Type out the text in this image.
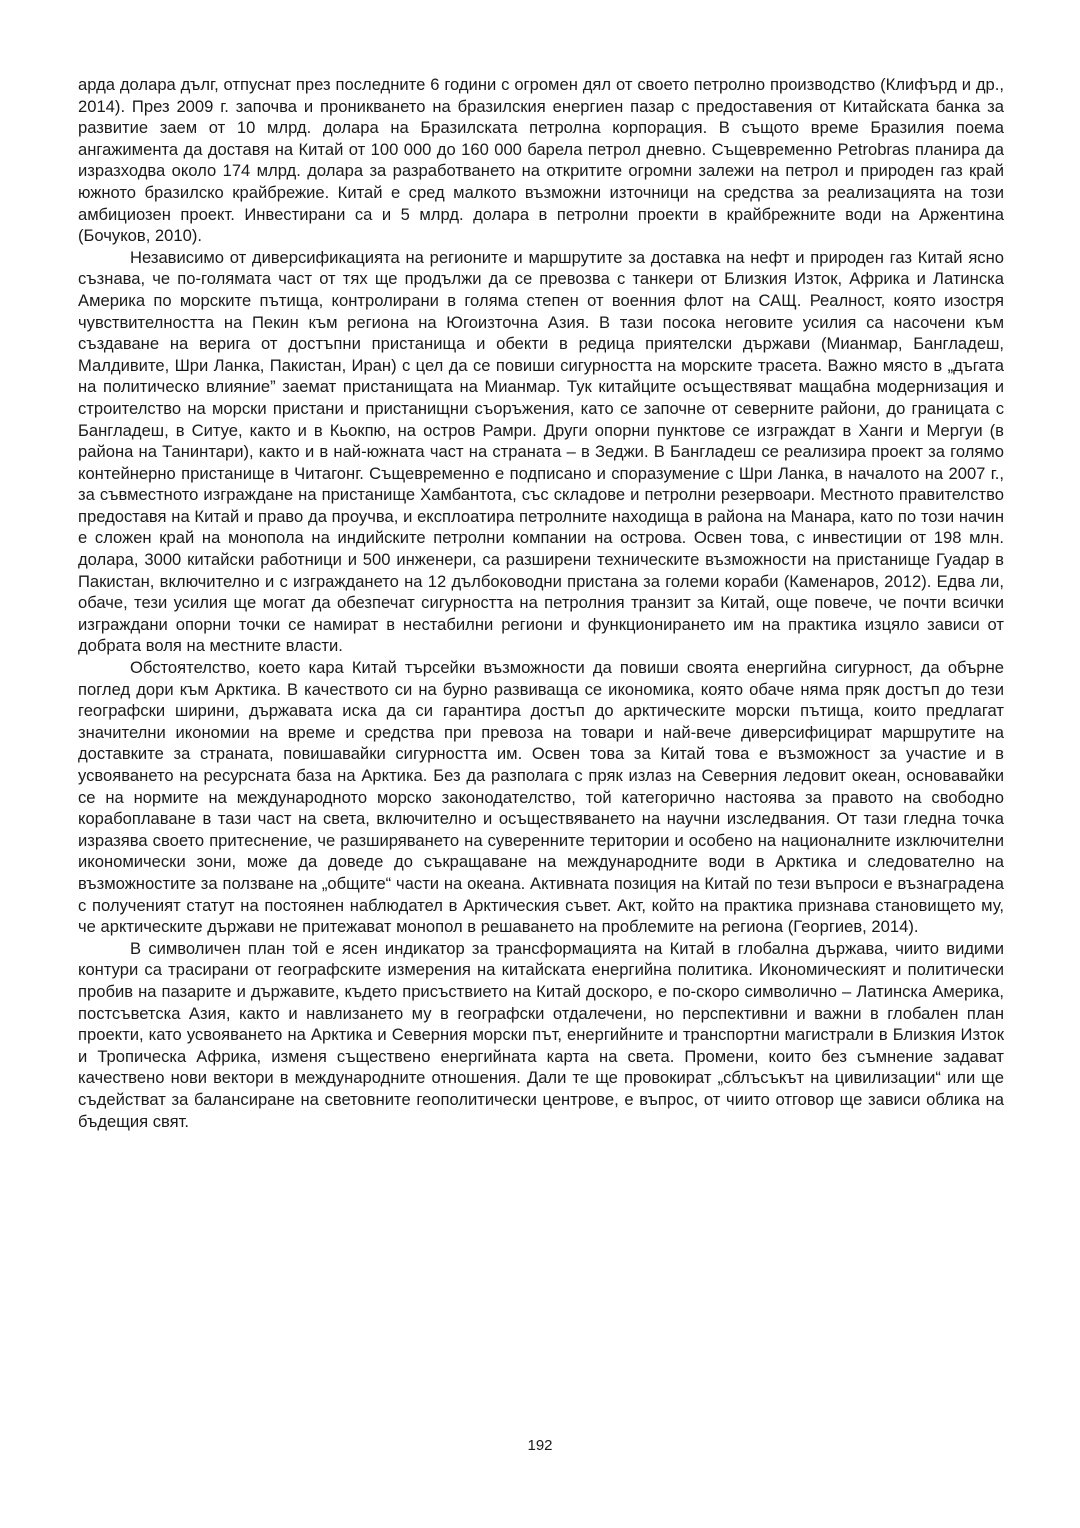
арда долара дълг, отпуснат през последните 6 години с огромен дял от своето петролно производство (Клифърд и др., 2014). През 2009 г. започва и проникването на бразилския енергиен пазар с предоставения от Китайската банка за развитие заем от 10 млрд. долара на Бразилската петролна корпорация. В същото време Бразилия поема ангажимента да доставя на Китай от 100 000 до 160 000 барела петрол дневно. Същевременно Petrobras планира да изразходва около 174 млрд. долара за разработването на откритите огромни залежи на петрол и природен газ край южното бразилско крайбрежие. Китай е сред малкото възможни източници на средства за реализацията на този амбициозен проект. Инвестирани са и 5 млрд. долара в петролни проекти в крайбрежните води на Аржентина (Бочуков, 2010).

Независимо от диверсификацията на регионите и маршрутите за доставка на нефт и природен газ Китай ясно съзнава, че по-голямата част от тях ще продължи да се превозва с танкери от Близкия Изток, Африка и Латинска Америка по морските пътища, контролирани в голяма степен от военния флот на САЩ. Реалност, която изостря чувствителността на Пекин към региона на Югоизточна Азия. В тази посока неговите усилия са насочени към създаване на верига от достъпни пристанища и обекти в редица приятелски държави (Мианмар, Бангладеш, Малдивите, Шри Ланка, Пакистан, Иран) с цел да се повиши сигурността на морските трасета. Важно място в „дъгата на политическо влияние” заемат пристанищата на Мианмар. Тук китайците осъществяват мащабна модернизация и строителство на морски пристани и пристанищни съоръжения, като се започне от северните райони, до границата с Бангладеш, в Ситуе, както и в Кьокпю, на остров Рамри. Други опорни пунктове се изграждат в Ханги и Мергуи (в района на Танинтари), както и в най-южната част на страната – в Зеджи. В Бангладеш се реализира проект за голямо контейнерно пристанище в Читагонг. Същевременно е подписано и споразумение с Шри Ланка, в началото на 2007 г., за съвместното изграждане на пристанище Хамбантота, със складове и петролни резервоари. Местното правителство предоставя на Китай и право да проучва, и експлоатира петролните находища в района на Манара, като по този начин е сложен край на монопола на индийските петролни компании на острова. Освен това, с инвестиции от 198 млн. долара, 3000 китайски работници и 500 инженери, са разширени техническите възможности на пристанище Гуадар в Пакистан, включително и с изграждането на 12 дълбоководни пристана за големи кораби (Каменаров, 2012). Едва ли, обаче, тези усилия ще могат да обезпечат сигурността на петролния транзит за Китай, още повече, че почти всички изграждани опорни точки се намират в нестабилни региони и функционирането им на практика изцяло зависи от добрата воля на местните власти.

Обстоятелство, което кара Китай търсейки възможности да повиши своята енергийна сигурност, да обърне поглед дори към Арктика. В качеството си на бурно развиваща се икономика, която обаче няма пряк достъп до тези географски ширини, държавата иска да си гарантира достъп до арктическите морски пътища, които предлагат значителни икономии на време и средства при превоза на товари и най-вече диверсифицират маршрутите на доставките за страната, повишавайки сигурността им. Освен това за Китай това е възможност за участие и в усвояването на ресурсната база на Арктика. Без да разполага с пряк излаз на Северния ледовит океан, основавайки се на нормите на международното морско законодателство, той категорично настоява за правото на свободно корабоплаване в тази част на света, включително и осъществяването на научни изследвания. От тази гледна точка изразява своето притеснение, че разширяването на суверенните територии и особено на националните изключителни икономически зони, може да доведе до съкращаване на международните води в Арктика и следователно на възможностите за ползване на „общите“ части на океана. Активната позиция на Китай по тези въпроси е възнаградена с полученият статут на постоянен наблюдател в Арктическия съвет. Акт, който на практика признава становището му, че арктическите държави не притежават монопол в решаването на проблемите на региона (Георгиев, 2014).

В символичен план той е ясен индикатор за трансформацията на Китай в глобална държава, чиито видими контури са трасирани от географските измерения на китайската енергийна политика. Икономическият и политически пробив на пазарите и държавите, където присъствието на Китай доскоро, е по-скоро символично – Латинска Америка, постсъветска Азия, както и навлизането му в географски отдалечени, но перспективни и важни в глобален план проекти, като усвояването на Арктика и Северния морски път, енергийните и транспортни магистрали в Близкия Изток и Тропическа Африка, изменя съществено енергийната карта на света. Промени, които без съмнение задават качествено нови вектори в международните отношения. Дали те ще провокират „сблъсъкът на цивилизации“ или ще съдействат за балансиране на световните геополитически центрове, е въпрос, от чиито отговор ще зависи облика на бъдещия свят.

192
